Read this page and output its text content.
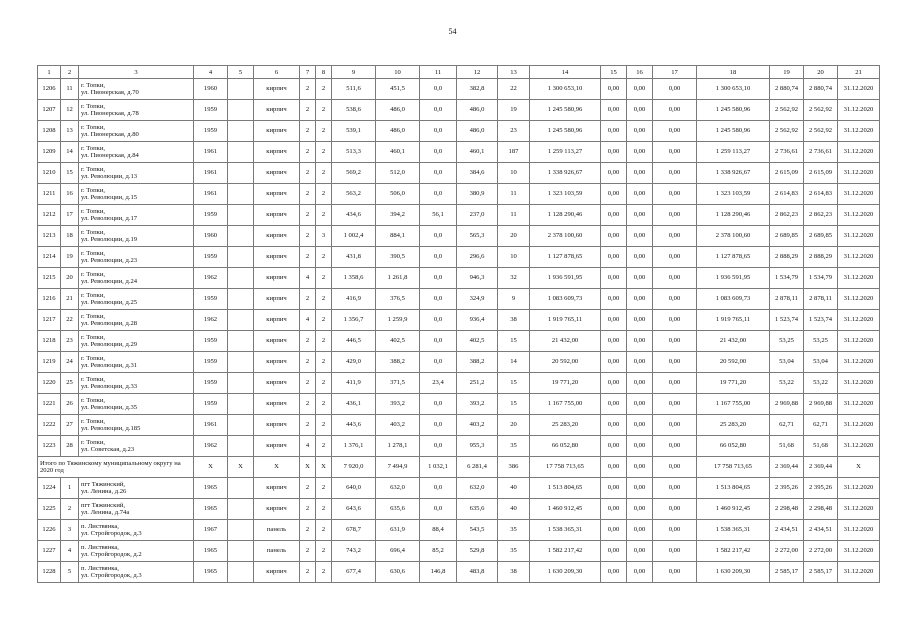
54
1	2	3	4	5	6	7	8	9	10	11	12	13	14	15	16	17	18	19	20	21
1206	11	г. Топки,
ул. Пионерская, д.70	1960		кирпич	2	2	511,6	451,5	0,0	382,8	22	1 300 653,10	0,00	0,00	0,00	1 300 653,10	2 880,74	2 880,74	31.12.2020
1207	12	г. Топки,
ул. Пионерская, д.78	1959		кирпич	2	2	538,6	486,0	0,0	486,0	19	1 245 580,96	0,00	0,00	0,00	1 245 580,96	2 562,92	2 562,92	31.12.2020
1208	13	г. Топки,
ул. Пионерская, д.80	1959		кирпич	2	2	539,1	486,0	0,0	486,0	23	1 245 580,96	0,00	0,00	0,00	1 245 580,96	2 562,92	2 562,92	31.12.2020
1209	14	г. Топки,
ул. Пионерская, д.84	1961		кирпич	2	2	513,3	460,1	0,0	460,1	187	1 259 113,27	0,00	0,00	0,00	1 259 113,27	2 736,61	2 736,61	31.12.2020
1210	15	г. Топки,
ул. Революции, д.13	1961		кирпич	2	2	569,2	512,0	0,0	384,6	10	1 338 926,67	0,00	0,00	0,00	1 338 926,67	2 615,09	2 615,09	31.12.2020
1211	16	г. Топки,
ул. Революции, д.15	1961		кирпич	2	2	563,2	506,0	0,0	380,9	11	1 323 103,59	0,00	0,00	0,00	1 323 103,59	2 614,83	2 614,83	31.12.2020
1212	17	г. Топки,
ул. Революции, д.17	1959		кирпич	2	2	434,6	394,2	56,1	237,0	11	1 128 290,46	0,00	0,00	0,00	1 128 290,46	2 862,23	2 862,23	31.12.2020
1213	18	г. Топки,
ул. Революции, д.19	1960		кирпич	2	3	1 002,4	884,1	0,0	565,3	20	2 378 100,60	0,00	0,00	0,00	2 378 100,60	2 689,85	2 689,85	31.12.2020
1214	19	г. Топки,
ул. Революции, д.23	1959		кирпич	2	2	431,8	390,5	0,0	296,6	10	1 127 878,65	0,00	0,00	0,00	1 127 878,65	2 888,29	2 888,29	31.12.2020
1215	20	г. Топки,
ул. Революции, д.24	1962		кирпич	4	2	1 358,6	1 261,8	0,0	946,3	32	1 936 591,95	0,00	0,00	0,00	1 936 591,95	1 534,79	1 534,79	31.12.2020
1216	21	г. Топки,
ул. Революции, д.25	1959		кирпич	2	2	416,9	376,5	0,0	324,9	9	1 083 609,73	0,00	0,00	0,00	1 083 609,73	2 878,11	2 878,11	31.12.2020
1217	22	г. Топки,
ул. Революции, д.28	1962		кирпич	4	2	1 356,7	1 259,9	0,0	936,4	38	1 919 765,11	0,00	0,00	0,00	1 919 765,11	1 523,74	1 523,74	31.12.2020
1218	23	г. Топки,
ул. Революции, д.29	1959		кирпич	2	2	446,5	402,5	0,0	402,5	15	21 432,00	0,00	0,00	0,00	21 432,00	53,25	53,25	31.12.2020
1219	24	г. Топки,
ул. Революции, д.31	1959		кирпич	2	2	429,0	388,2	0,0	388,2	14	20 592,00	0,00	0,00	0,00	20 592,00	53,04	53,04	31.12.2020
1220	25	г. Топки,
ул. Революции, д.33	1959		кирпич	2	2	411,9	371,5	23,4	251,2	15	19 771,20	0,00	0,00	0,00	19 771,20	53,22	53,22	31.12.2020
1221	26	г. Топки,
ул. Революции, д.35	1959		кирпич	2	2	436,1	393,2	0,0	393,2	15	1 167 755,00	0,00	0,00	0,00	1 167 755,00	2 969,88	2 969,88	31.12.2020
1222	27	г. Топки,
ул. Революции, д.185	1961		кирпич	2	2	443,6	403,2	0,0	403,2	20	25 283,20	0,00	0,00	0,00	25 283,20	62,71	62,71	31.12.2020
1223	28	г. Топки,
ул. Советская, д.23	1962		кирпич	4	2	1 376,1	1 278,1	0,0	955,3	35	66 052,80	0,00	0,00	0,00	66 052,80	51,68	51,68	31.12.2020
Итого по Тяжинскому муниципальному округу на 2020 год			X	X	X	X	X	7 920,0	7 494,9	1 032,1	6 281,4	386	17 758 713,65	0,00	0,00	0,00	17 758 713,65	2 369,44	2 369,44	X
1224	1	пгт Тяжинский,
ул. Ленина, д.26	1965		кирпич	2	2	640,0	632,0	0,0	632,0	40	1 513 804,65	0,00	0,00	0,00	1 513 804,65	2 395,26	2 395,26	31.12.2020
1225	2	пгт Тяжинский,
ул. Ленина, д.74а	1965		кирпич	2	2	643,6	635,6	0,0	635,6	40	1 460 912,45	0,00	0,00	0,00	1 460 912,45	2 298,48	2 298,48	31.12.2020
1226	3	п. Листвянка,
ул. Стройгородок, д.3	1967		панель	2	2	678,7	631,9	88,4	543,5	35	1 538 365,31	0,00	0,00	0,00	1 538 365,31	2 434,51	2 434,51	31.12.2020
1227	4	п. Листвянка,
ул. Стройгородок, д.2	1965		панель	2	2	743,2	696,4	85,2	529,8	35	1 582 217,42	0,00	0,00	0,00	1 582 217,42	2 272,00	2 272,00	31.12.2020
1228	5	п. Листвянка,
ул. Стройгородок, д.3	1965		кирпич	2	2	677,4	630,6	146,8	483,8	38	1 630 209,30	0,00	0,00	0,00	1 630 209,30	2 585,17	2 585,17	31.12.2020
